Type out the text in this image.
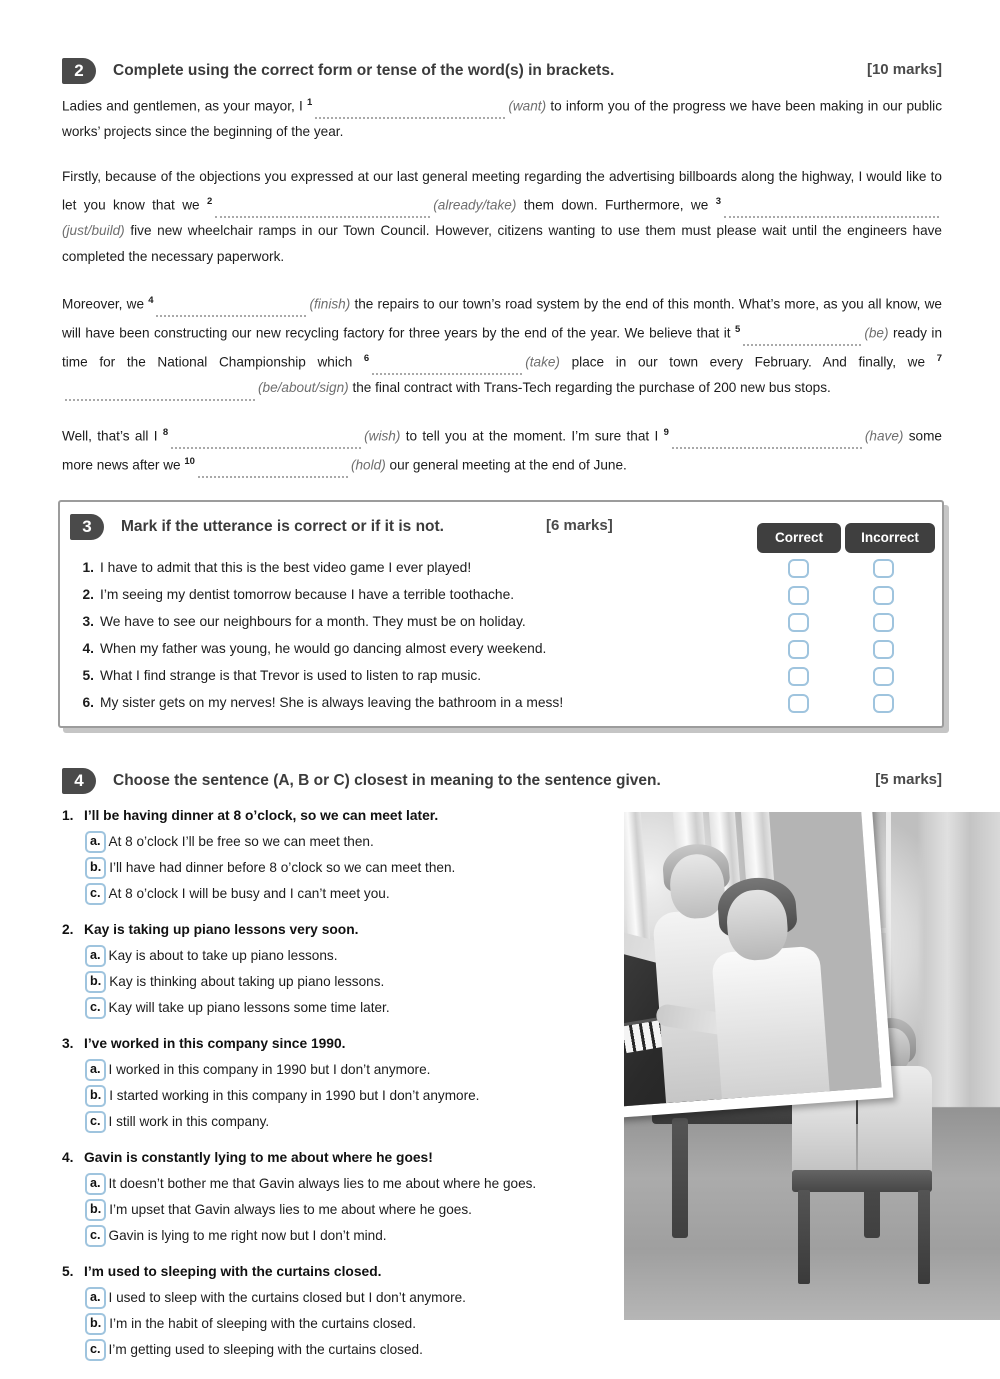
2	Complete using the correct form or tense of the word(s) in brackets.	[10 marks]
Ladies and gentlemen, as your mayor, I $^1$	(want) to inform you of the progress we have been making in our public works’ projects since the beginning of the year.
Firstly, because of the objections you expressed at our last general meeting regarding the advertising billboards along the highway, I would like to let you know that we $^2$	(already/take) them down. Furthermore, we $^3$(just/build) five new wheelchair ramps in our Town Council. However, citizens wanting to use them must please wait until the engineers have completed the necessary paperwork.
Moreover, we $^4$	(finish) the repairs to our town’s road system by the end of this month. What’s more, as you all know, we will have been constructing our new recycling factory for three years by the end of the year. We believe that it $^5$	(be) ready in time for the National Championship which $^6$	(take) place in our town every February. And finally, we $^7$(be/about/sign) the final contract with Trans-Tech regarding the purchase of 200 new bus stops.
Well, that’s all I $^8$	(wish) to tell you at the moment. I’m sure that I $^9$	(have) some more news after we $^{10}$	(hold) our general meeting at the end of June.
3	Mark if the utterance is correct or if it is not.	[6 marks]
Correct	Incorrect
1. I have to admit that this is the best video game I ever played!
2. I’m seeing my dentist tomorrow because I have a terrible toothache.
3. We have to see our neighbours for a month. They must be on holiday.
4. When my father was young, he would go dancing almost every weekend.
5. What I find strange is that Trevor is used to listen to rap music.
6. My sister gets on my nerves! She is always leaving the bathroom in a mess!
4	Choose the sentence (A, B or C) closest in meaning to the sentence given.	[5 marks]
1. I’ll be having dinner at 8 o’clock, so we can meet later.
a. At 8 o’clock I’ll be free so we can meet then.
b. I’ll have had dinner before 8 o’clock so we can meet then.
c. At 8 o’clock I will be busy and I can’t meet you.
2. Kay is taking up piano lessons very soon.
a. Kay is about to take up piano lessons.
b. Kay is thinking about taking up piano lessons.
c. Kay will take up piano lessons some time later.
3. I’ve worked in this company since 1990.
a. I worked in this company in 1990 but I don’t anymore.
b. I started working in this company in 1990 but I don’t anymore.
c. I still work in this company.
4. Gavin is constantly lying to me about where he goes!
a. It doesn’t bother me that Gavin always lies to me about where he goes.
b. I’m upset that Gavin always lies to me about where he goes.
c. Gavin is lying to me right now but I don’t mind.
5. I’m used to sleeping with the curtains closed.
a. I used to sleep with the curtains closed but I don’t anymore.
b. I’m in the habit of sleeping with the curtains closed.
c. I’m getting used to sleeping with the curtains closed.
